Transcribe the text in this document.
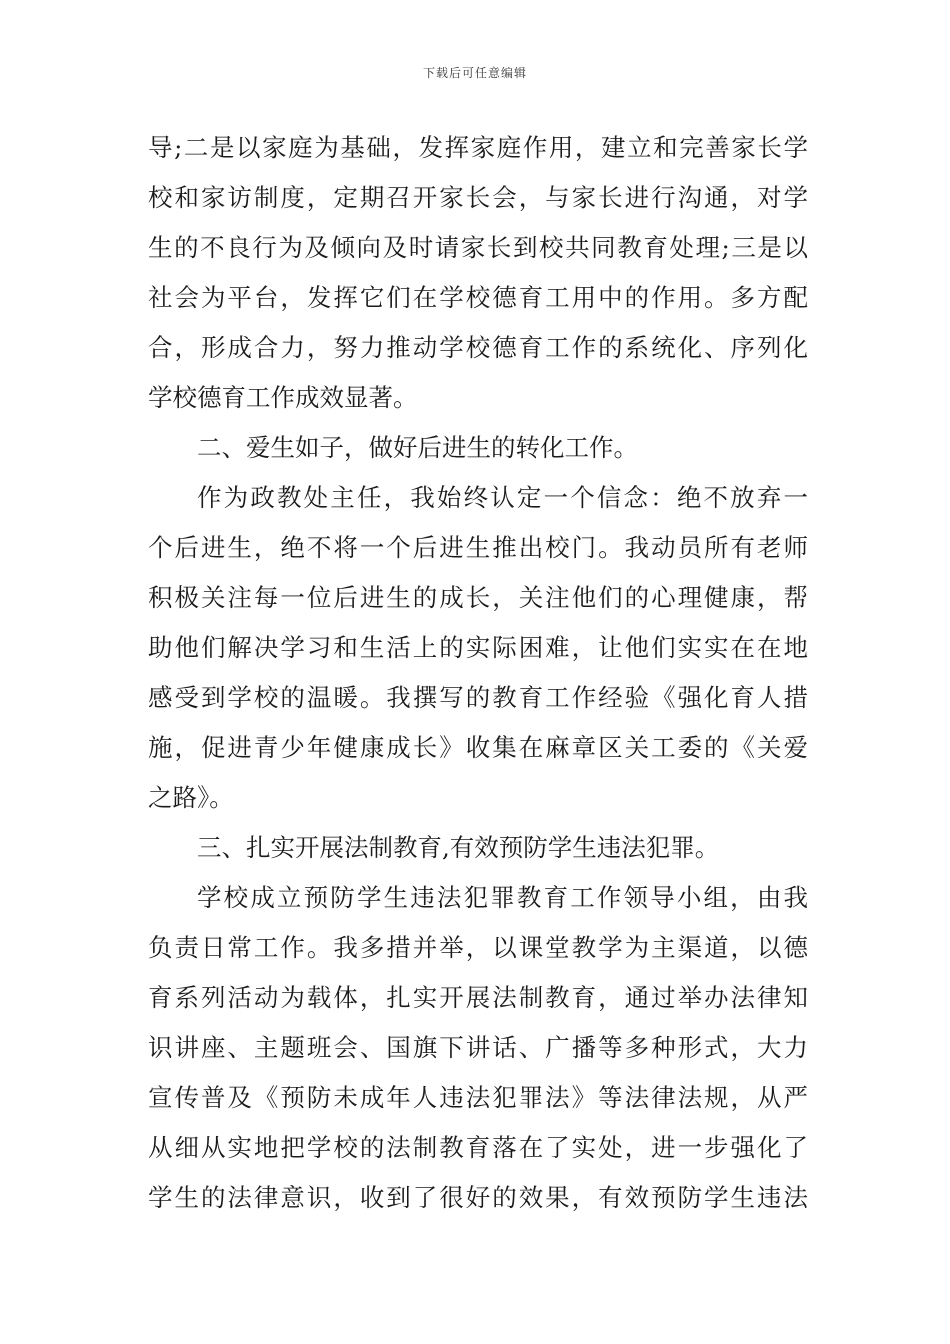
下载后可任意编辑
导;二是以家庭为基础，发挥家庭作用，建立和完善家长学
校和家访制度，定期召开家长会，与家长进行沟通，对学
生的不良行为及倾向及时请家长到校共同教育处理;三是以
社会为平台，发挥它们在学校德育工用中的作用。多方配
合，形成合力，努力推动学校德育工作的系统化、序列化
学校德育工作成效显著。
二、爱生如子，做好后进生的转化工作。
作为政教处主任，我始终认定一个信念：绝不放弃一
个后进生，绝不将一个后进生推出校门。我动员所有老师
积极关注每一位后进生的成长，关注他们的心理健康，帮
助他们解决学习和生活上的实际困难，让他们实实在在地
感受到学校的温暖。我撰写的教育工作经验《强化育人措
施，促进青少年健康成长》收集在麻章区关工委的《关爱
之路》。
三、扎实开展法制教育,有效预防学生违法犯罪。
学校成立预防学生违法犯罪教育工作领导小组，由我
负责日常工作。我多措并举，以课堂教学为主渠道，以德
育系列活动为载体，扎实开展法制教育，通过举办法律知
识讲座、主题班会、国旗下讲话、广播等多种形式，大力
宣传普及《预防未成年人违法犯罪法》等法律法规，从严
从细从实地把学校的法制教育落在了实处，进一步强化了
学生的法律意识，收到了很好的效果，有效预防学生违法
